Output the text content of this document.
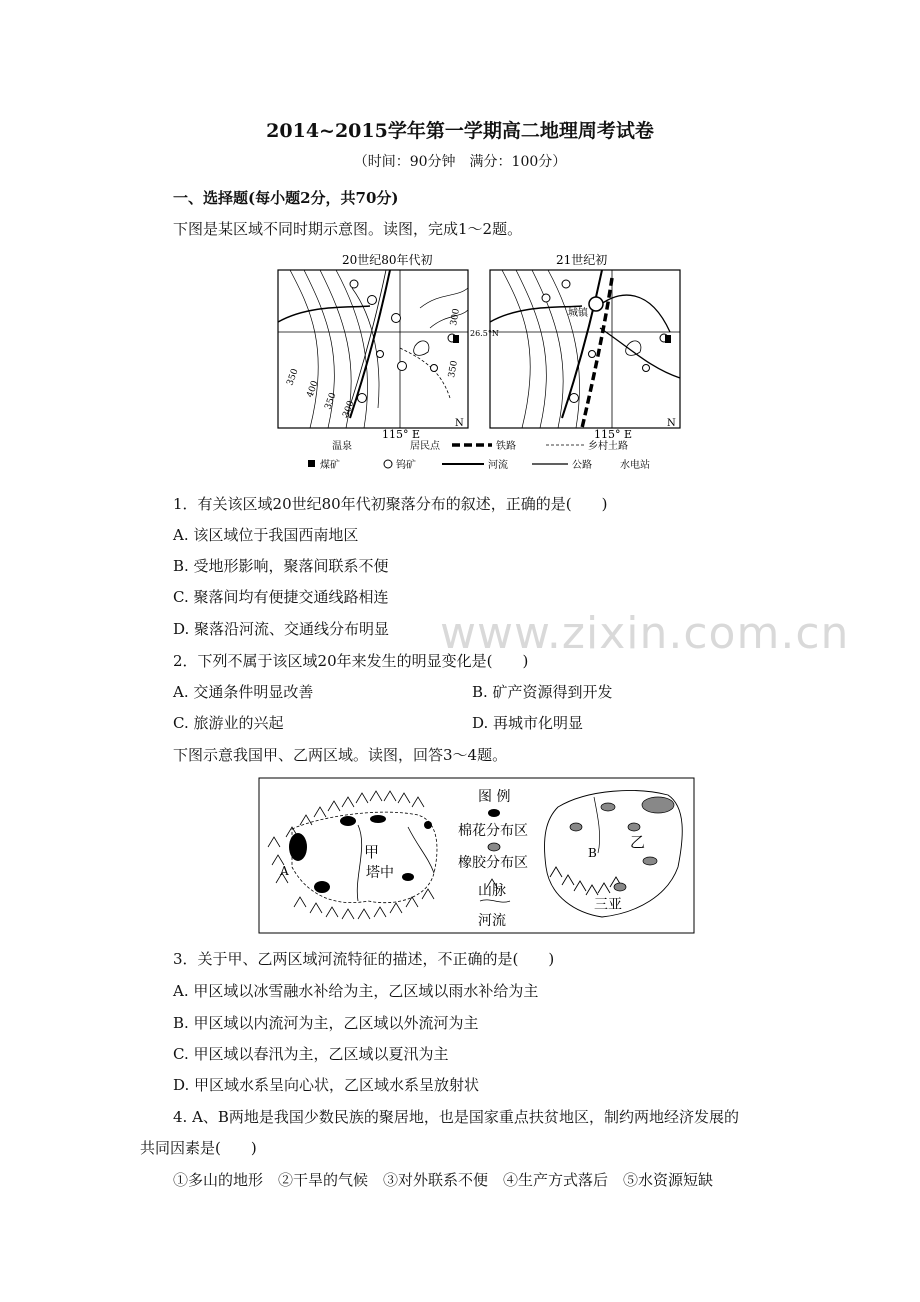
2014~2015学年第一学期高二地理周考试卷
（时间：90分钟　满分：100分）
一、选择题(每小题2分，共70分)
下图是某区域不同时期示意图。读图，完成1～2题。
20世纪80年代初
350
400
350 300
300
350
115° E
N
26.5°N
21世纪初
城镇
115° E
N
温泉	居民点	铁路	乡村土路
煤矿	钨矿	河流	公路	水电站
1．有关该区域20世纪80年代初聚落分布的叙述，正确的是(　　)
A. 该区域位于我国西南地区
B. 受地形影响，聚落间联系不便
C. 聚落间均有便捷交通线路相连
D. 聚落沿河流、交通线分布明显 www.zixin.com.cn
2．下列不属于该区域20年来发生的明显变化是(　　)
A. 交通条件明显改善	B. 矿产资源得到开发
C. 旅游业的兴起	D. 再城市化明显
下图示意我国甲、乙两区域。读图，回答3～4题。
甲
塔中
A
图 例
棉花分布区
橡胶分布区
山脉
河流
B
乙
三亚
3．关于甲、乙两区域河流特征的描述，不正确的是(　　)
A. 甲区域以冰雪融水补给为主，乙区域以雨水补给为主
B. 甲区域以内流河为主，乙区域以外流河为主
C. 甲区域以春汛为主，乙区域以夏汛为主
D. 甲区域水系呈向心状，乙区域水系呈放射状
4. A、B两地是我国少数民族的聚居地，也是国家重点扶贫地区，制约两地经济发展的
共同因素是(　　)
①多山的地形　②干旱的气候　③对外联系不便　④生产方式落后　⑤水资源短缺
